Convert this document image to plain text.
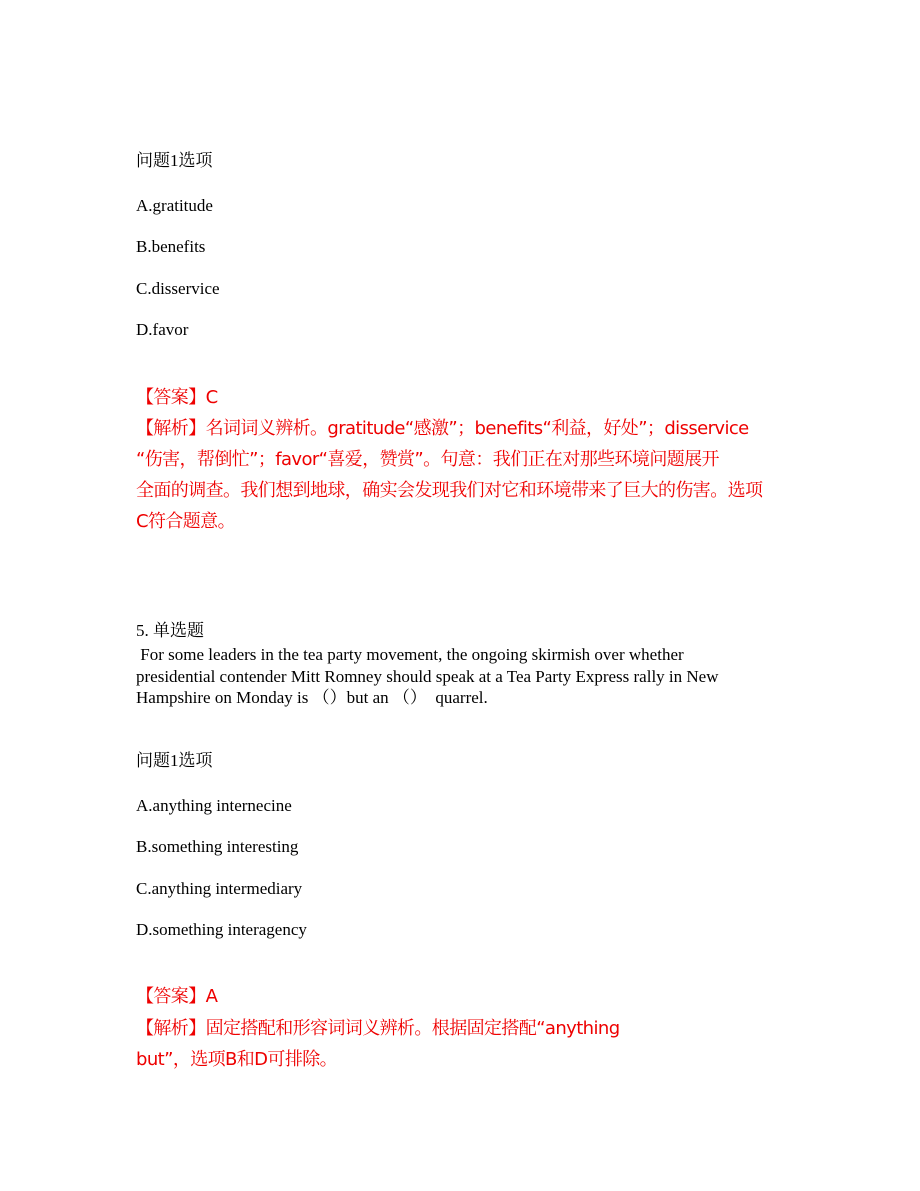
问题1选项

A.gratitude

B.benefits

C.disservice

D.favor

【答案】C

【解析】名词词义辨析。gratitude“感激”；benefits“利益，好处”；disservice
“伤害，帮倒忙”；favor“喜爱，赞赏”。句意：我们正在对那些环境问题展开
全面的调查。我们想到地球，确实会发现我们对它和环境带来了巨大的伤害。选项
C符合题意。

5. 单选题

For some leaders in the tea party movement, the ongoing skirmish over whether
presidential contender Mitt Romney should speak at a Tea Party Express rally in New
Hampshire on Monday is （）but an （）  quarrel.

问题1选项

A.anything internecine

B.something interesting

C.anything intermediary

D.something interagency

【答案】A

【解析】固定搭配和形容词词义辨析。根据固定搭配“anything
but”，选项B和D可排除。
